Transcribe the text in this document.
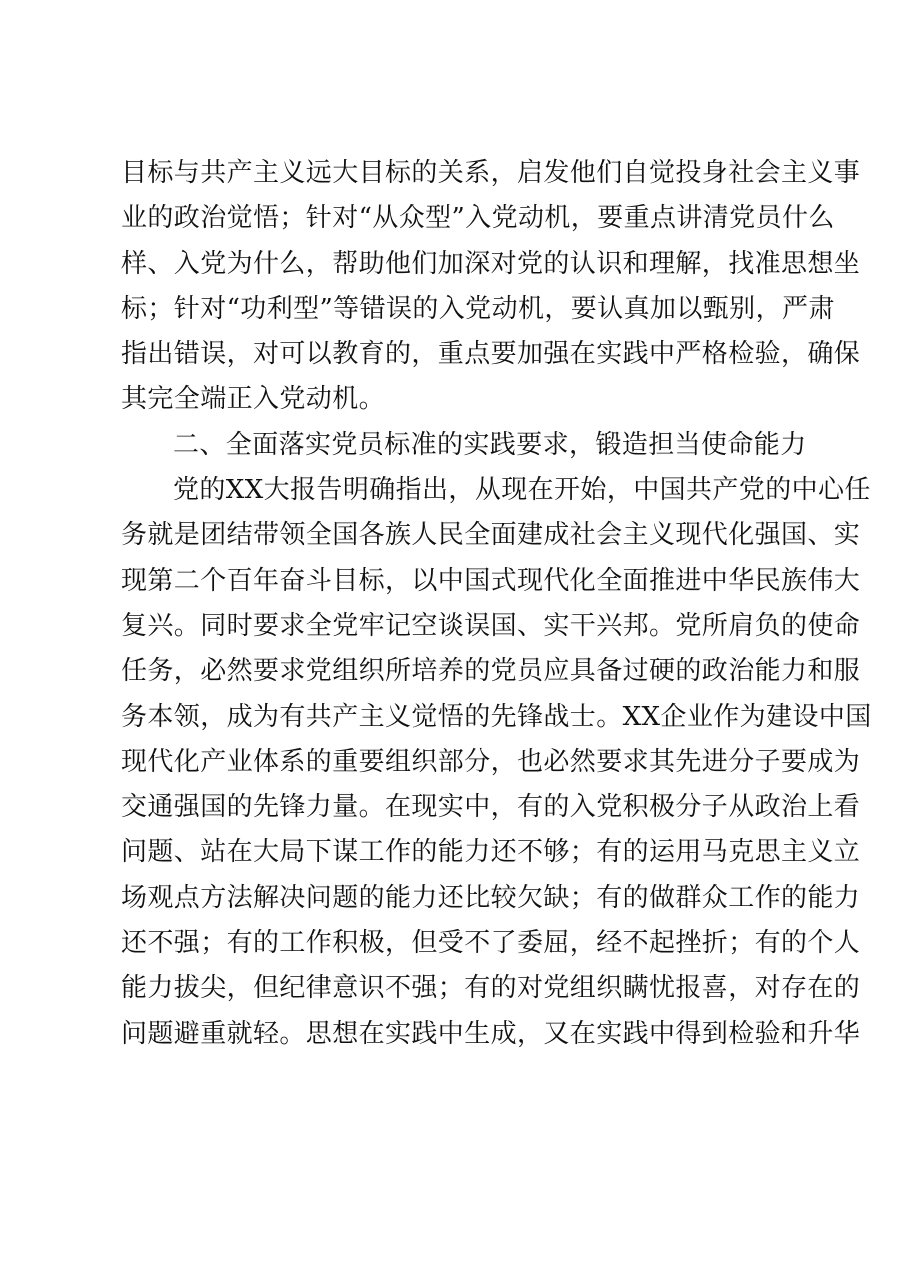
目标与共产主义远大目标的关系，启发他们自觉投身社会主义事
业的政治觉悟；针对“从众型”入党动机，要重点讲清党员什么
样、入党为什么，帮助他们加深对党的认识和理解，找准思想坐
标；针对“功利型”等错误的入党动机，要认真加以甄别，严肃
指出错误，对可以教育的，重点要加强在实践中严格检验，确保
其完全端正入党动机。
二、全面落实党员标准的实践要求，锻造担当使命能力
党的XX大报告明确指出，从现在开始，中国共产党的中心任
务就是团结带领全国各族人民全面建成社会主义现代化强国、实
现第二个百年奋斗目标，以中国式现代化全面推进中华民族伟大
复兴。同时要求全党牢记空谈误国、实干兴邦。党所肩负的使命
任务，必然要求党组织所培养的党员应具备过硬的政治能力和服
务本领，成为有共产主义觉悟的先锋战士。XX企业作为建设中国
现代化产业体系的重要组织部分，也必然要求其先进分子要成为
交通强国的先锋力量。在现实中，有的入党积极分子从政治上看
问题、站在大局下谋工作的能力还不够；有的运用马克思主义立
场观点方法解决问题的能力还比较欠缺；有的做群众工作的能力
还不强；有的工作积极，但受不了委屈，经不起挫折；有的个人
能力拔尖，但纪律意识不强；有的对党组织瞒忧报喜，对存在的
问题避重就轻。思想在实践中生成，又在实践中得到检验和升华
